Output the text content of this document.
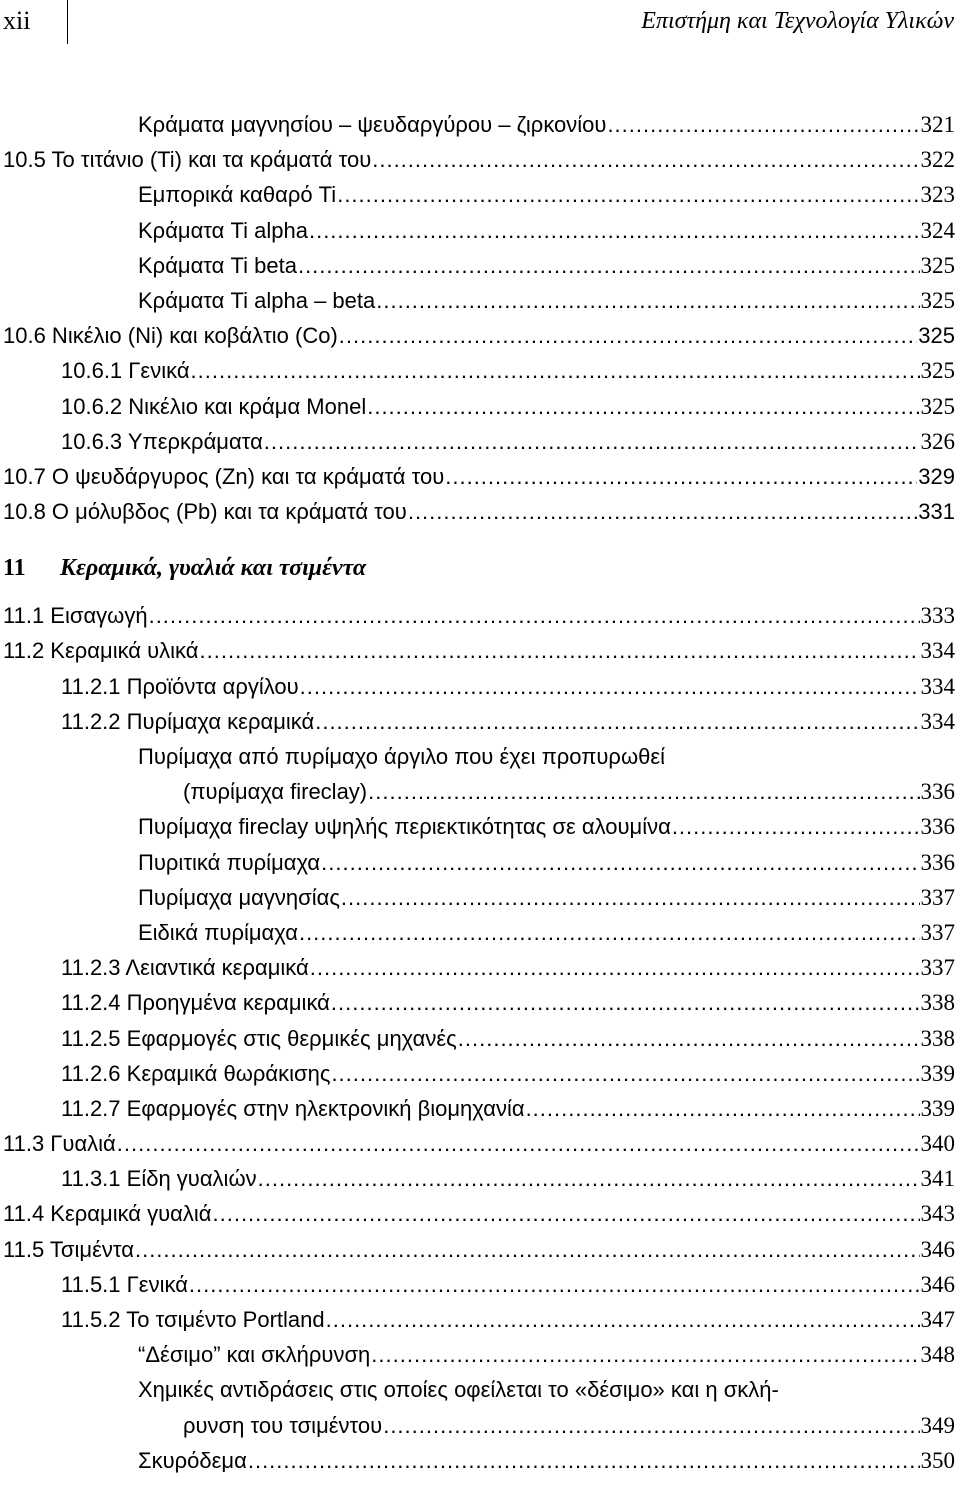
xii	Επιστήμη και Τεχνολογία Υλικών
Κράματα μαγνησίου – ψευδαργύρου – ζιρκονίου .....	321
10.5 Το τιτάνιο (Ti) και τα κράματά του .....	322
Εμπορικά καθαρό Ti .....	323
Κράματα Ti alpha .....	324
Κράματα Ti beta .....	325
Κράματα Ti alpha – beta .....	325
10.6 Νικέλιο (Ni) και κοβάλτιο (Co) .....	325
10.6.1 Γενικά .....	325
10.6.2 Νικέλιο και κράμα Monel .....	325
10.6.3 Υπερκράματα .....	326
10.7 Ο ψευδάργυρος (Zn) και τα κράματά του .....	329
10.8 Ο μόλυβδος (Pb) και τα κράματά του .....	331
11	Κεραμικά, γυαλιά και τσιμέντα
11.1 Εισαγωγή .....	333
11.2 Κεραμικά υλικά .....	334
11.2.1 Προϊόντα αργίλου .....	334
11.2.2 Πυρίμαχα κεραμικά .....	334
Πυρίμαχα από πυρίμαχο άργιλο που έχει προπυρωθεί
(πυρίμαχα fireclay) .....	336
Πυρίμαχα fireclay υψηλής περιεκτικότητας σε αλουμίνα .....	336
Πυριτικά πυρίμαχα .....	336
Πυρίμαχα μαγνησίας .....	337
Ειδικά πυρίμαχα .....	337
11.2.3 Λειαντικά κεραμικά .....	337
11.2.4 Προηγμένα κεραμικά .....	338
11.2.5 Εφαρμογές στις θερμικές μηχανές .....	338
11.2.6 Κεραμικά θωράκισης .....	339
11.2.7 Εφαρμογές στην ηλεκτρονική βιομηχανία .....	339
11.3 Γυαλιά .....	340
11.3.1 Είδη γυαλιών .....	341
11.4 Κεραμικά γυαλιά .....	343
11.5 Τσιμέντα .....	346
11.5.1 Γενικά .....	346
11.5.2 Το τσιμέντο Portland .....	347
“Δέσιμο” και σκλήρυνση .....	348
Χημικές αντιδράσεις στις οποίες οφείλεται το «δέσιμο» και η σκλή-
ρυνση του τσιμέντου .....	349
Σκυρόδεμα .....	350
